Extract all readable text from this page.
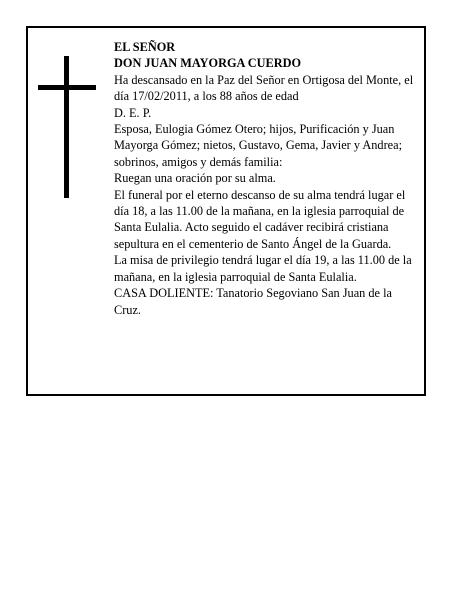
EL SEÑOR

DON JUAN MAYORGA CUERDO

Ha descansado en la Paz del Señor en Ortigosa del Monte, el día 17/02/2011, a los 88 años de edad

D. E. P.

Esposa, Eulogia Gómez Otero; hijos, Purificación y Juan Mayorga Gómez; nietos, Gustavo, Gema, Javier y Andrea; sobrinos, amigos y demás familia:

Ruegan una oración por su alma.

El funeral por el eterno descanso de su alma tendrá lugar el día 18, a las 11.00 de la mañana, en la iglesia parroquial de Santa Eulalia. Acto seguido el cadáver recibirá cristiana sepultura en el cementerio de Santo Ángel de la Guarda.

La misa de privilegio tendrá lugar el día 19, a las 11.00 de la mañana, en la iglesia parroquial de Santa Eulalia.

CASA DOLIENTE: Tanatorio Segoviano San Juan de la Cruz.
